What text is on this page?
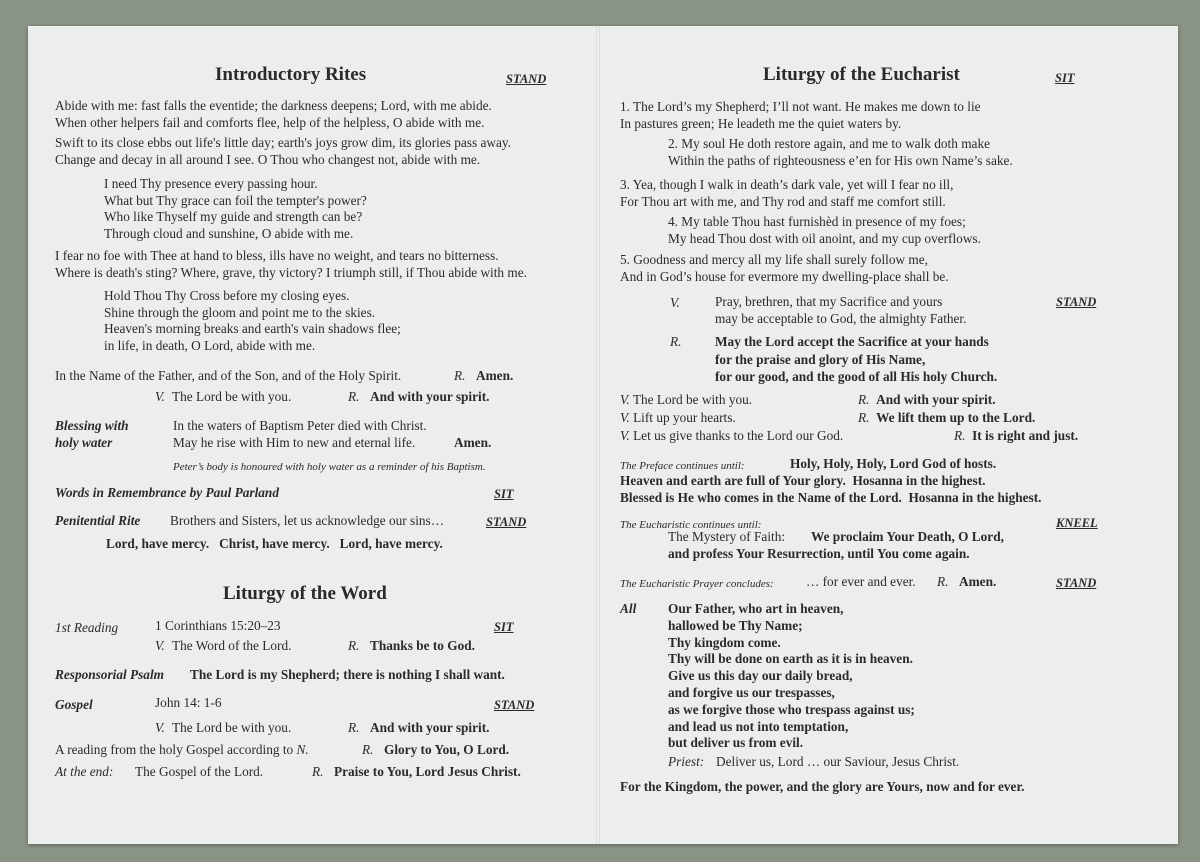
Introductory Rites	STAND
Abide with me: fast falls the eventide; the darkness deepens; Lord, with me abide.
When other helpers fail and comforts flee, help of the helpless, O abide with me.
Swift to its close ebbs out life's little day; earth's joys grow dim, its glories pass away.
Change and decay in all around I see. O Thou who changest not, abide with me.
I need Thy presence every passing hour.
What but Thy grace can foil the tempter's power?
Who like Thyself my guide and strength can be?
Through cloud and sunshine, O abide with me.
I fear no foe with Thee at hand to bless, ills have no weight, and tears no bitterness.
Where is death's sting? Where, grave, thy victory? I triumph still, if Thou abide with me.
Hold Thou Thy Cross before my closing eyes.
Shine through the gloom and point me to the skies.
Heaven's morning breaks and earth's vain shadows flee;
in life, in death, O Lord, abide with me.
In the Name of the Father, and of the Son, and of the Holy Spirit.	R. Amen.
V. The Lord be with you.	R. And with your spirit.
Blessing with
holy water
In the waters of Baptism Peter died with Christ.
May he rise with Him to new and eternal life.	Amen.
Peter’s body is honoured with holy water as a reminder of his Baptism.
Words in Remembrance by Paul Parland	SIT
Penitential Rite Brothers and Sisters, let us acknowledge our sins…	STAND
Lord, have mercy.   Christ, have mercy.   Lord, have mercy.
Liturgy of the Word
1st Reading	1 Corinthians 15:20–23	SIT
V. The Word of the Lord.	R. Thanks be to God.
Responsorial Psalm The Lord is my Shepherd; there is nothing I shall want.
Gospel	John 14: 1-6	STAND
V. The Lord be with you.	R. And with your spirit.
A reading from the holy Gospel according to N.	R. Glory to You, O Lord.
At the end: The Gospel of the Lord.	R. Praise to You, Lord Jesus Christ.
Liturgy of the Eucharist	SIT
1. The Lord’s my Shepherd; I’ll not want. He makes me down to lie
In pastures green; He leadeth me the quiet waters by.
2. My soul He doth restore again, and me to walk doth make
Within the paths of righteousness e’en for His own Name’s sake.
3. Yea, though I walk in death’s dark vale, yet will I fear no ill,
For Thou art with me, and Thy rod and staff me comfort still.
4. My table Thou hast furnishèd in presence of my foes;
My head Thou dost with oil anoint, and my cup overflows.
5. Goodness and mercy all my life shall surely follow me,
And in God’s house for evermore my dwelling-place shall be.
V.	Pray, brethren, that my Sacrifice and yours
may be acceptable to God, the almighty Father.
STAND
R.	May the Lord accept the Sacrifice at your hands
for the praise and glory of His Name,
for our good, and the good of all His holy Church.
V. The Lord be with you.	R. And with your spirit.
V. Lift up your hearts.	R. We lift them up to the Lord.
V. Let us give thanks to the Lord our God.	R. It is right and just.
The Preface continues until:	Holy, Holy, Holy, Lord God of hosts.
Heaven and earth are full of Your glory.  Hosanna in the highest.
Blessed is He who comes in the Name of the Lord.  Hosanna in the highest.
The Eucharistic continues until:	KNEEL
The Mystery of Faith: We proclaim Your Death, O Lord,
and profess Your Resurrection, until You come again.
The Eucharistic Prayer concludes: … for ever and ever. R. Amen.	STAND
All Our Father, who art in heaven,
hallowed be Thy Name;
Thy kingdom come.
Thy will be done on earth as it is in heaven.
Give us this day our daily bread,
and forgive us our trespasses,
as we forgive those who trespass against us;
and lead us not into temptation,
but deliver us from evil.
Priest: Deliver us, Lord … our Saviour, Jesus Christ.
For the Kingdom, the power, and the glory are Yours, now and for ever.
